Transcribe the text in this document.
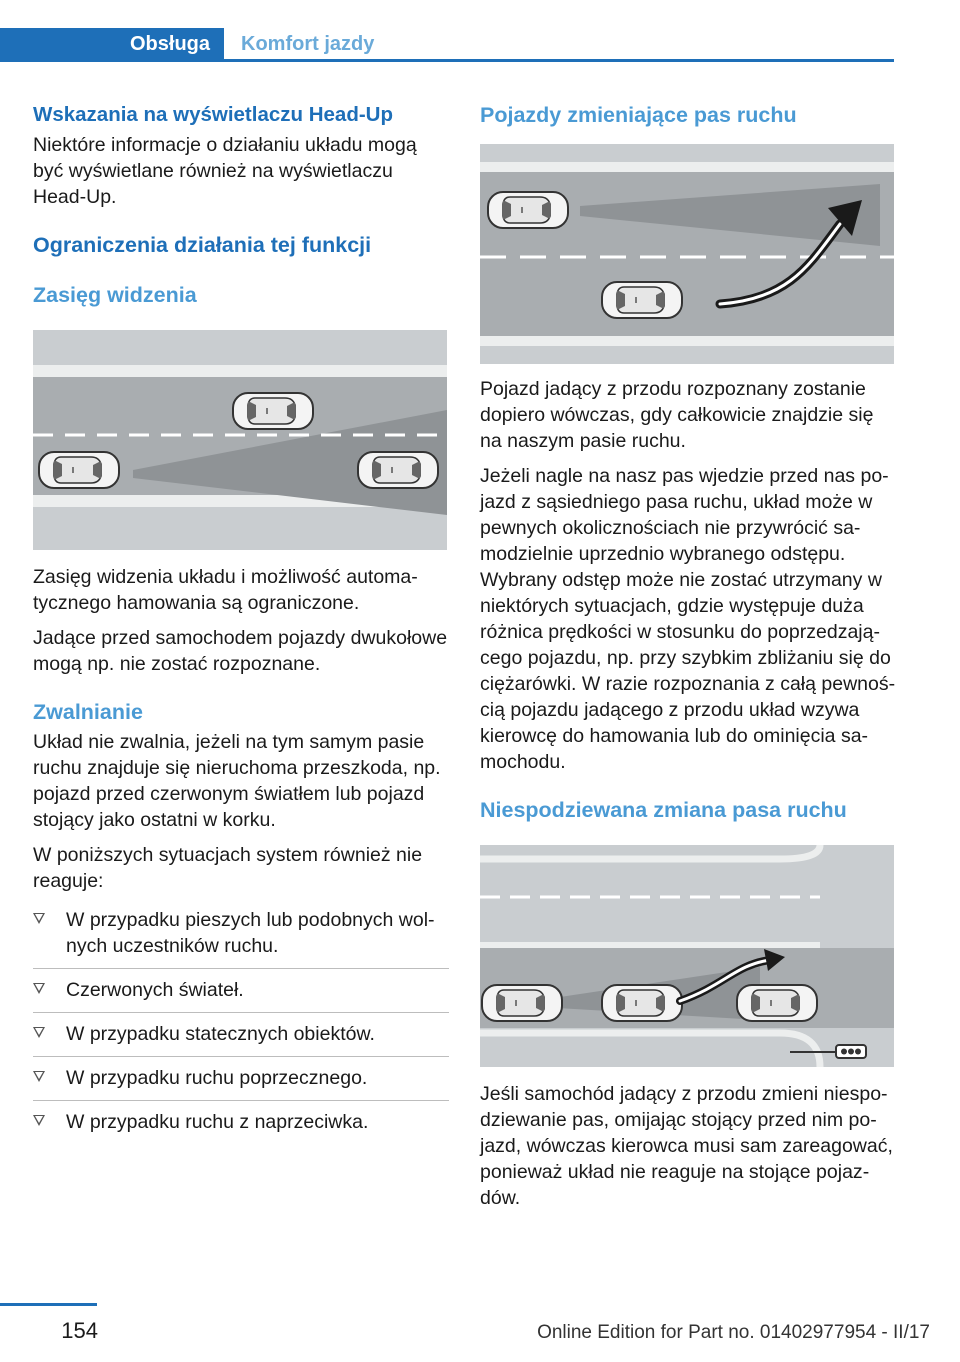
Obsługa	Komfort jazdy
Wskazania na wyświetlaczu Head-Up

Niektóre informacje o działaniu układu mogą być wyświetlane również na wyświetlaczu Head-Up.

Ograniczenia działania tej funkcji
Zasięg widzenia

Zasięg widzenia układu i możliwość automatycznego hamowania są ograniczone.

Jadące przed samochodem pojazdy dwukołowe mogą np. nie zostać rozpoznane.

Zwalnianie

Układ nie zwalnia, jeżeli na tym samym pasie ruchu znajduje się nieruchoma przeszkoda, np. pojazd przed czerwonym światłem lub pojazd stojący jako ostatni w korku.

W poniższych sytuacjach system również nie reaguje:

W przypadku pieszych lub podobnych wolnych uczestników ruchu.
Czerwonych świateł.
W przypadku statecznych obiektów.
W przypadku ruchu poprzecznego.
W przypadku ruchu z naprzeciwka.
Pojazdy zmieniające pas ruchu

Pojazd jadący z przodu rozpoznany zostanie dopiero wówczas, gdy całkowicie znajdzie się na naszym pasie ruchu.

Jeżeli nagle na nasz pas wjedzie przed nas pojazd z sąsiedniego pasa ruchu, układ może w pewnych okolicznościach nie przywrócić samodzielnie uprzednio wybranego odstępu. Wybrany odstęp może nie zostać utrzymany w niektórych sytuacjach, gdzie występuje duża różnica prędkości w stosunku do poprzedzającego pojazdu, np. przy szybkim zbliżaniu się do ciężarówki. W razie rozpoznania z całą pewnością pojazdu jadącego z przodu układ wzywa kierowcę do hamowania lub do ominięcia samochodu.

Niespodziewana zmiana pasa ruchu

Jeśli samochód jadący z przodu zmieni niespodziewanie pas, omijając stojący przed nim pojazd, wówczas kierowca musi sam zareagować, ponieważ układ nie reaguje na stojące pojazdów.

154	Online Edition for Part no. 01402977954 - II/17
